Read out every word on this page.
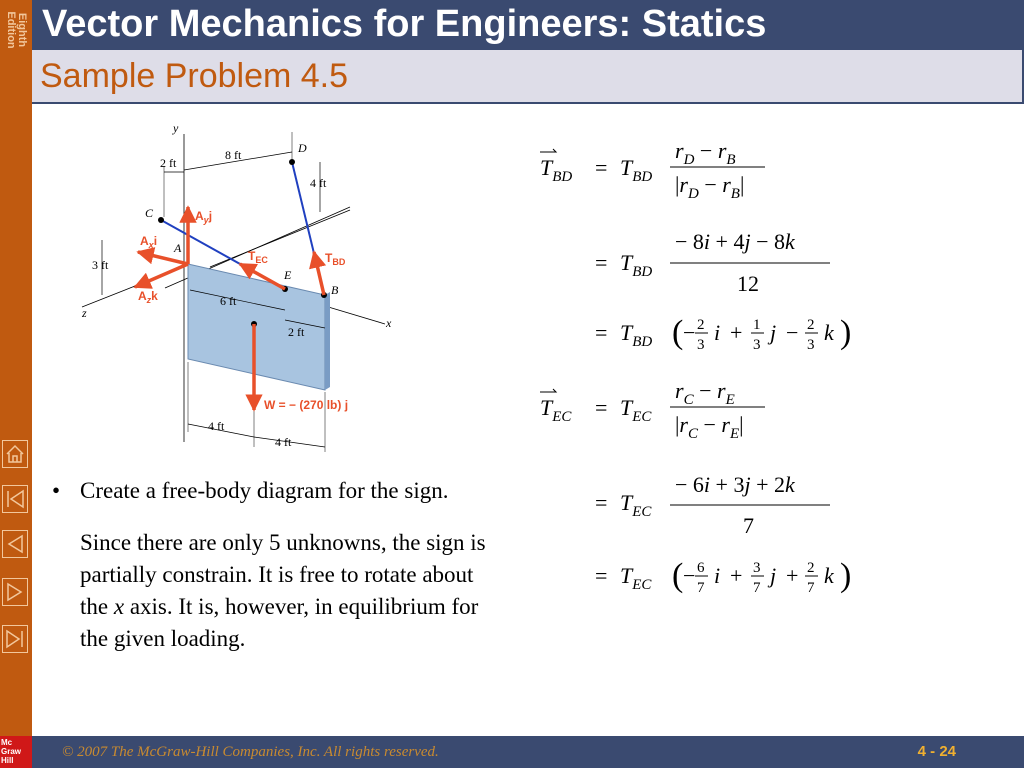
Eighth
Edition Vector Mechanics for Engineers: Statics
Sample Problem 4.5
y
z
x
C
D
A
E
B
2 ft
8 ft
4 ft
3 ft
6 ft
2 ft
4 ft
4 ft
$A_yj$
$A_xi$
$A_zk$
$T_{EC}$	$T_{BD}$
W = − (270 lb) j
• Create a free-body diagram for the sign.
Since there are only 5 unknowns, the sign is partially constrain. It is free to rotate about the x axis. It is, however, in equilibrium for the given loading.
$T_{BD} = T_{BD}$
$r_D - r_B$
$|r_D - r_B|$
= $T_{BD}$
− 8i + 4j − 8k
12
= $T_{BD}$ ( − 2
3 i + 1
3 j − 2
3 k )
$T_{EC} = T_{EC}$
$r_C - r_E$
$|r_C - r_E|$
= $T_{EC}$
− 6i + 3j + 2k
7
= $T_{EC}$ ( − 6
7 i + 3
7 j + 2
7 k )
Mc
Graw
Hill
© 2007 The McGraw-Hill Companies, Inc. All rights reserved.	4 - 24
